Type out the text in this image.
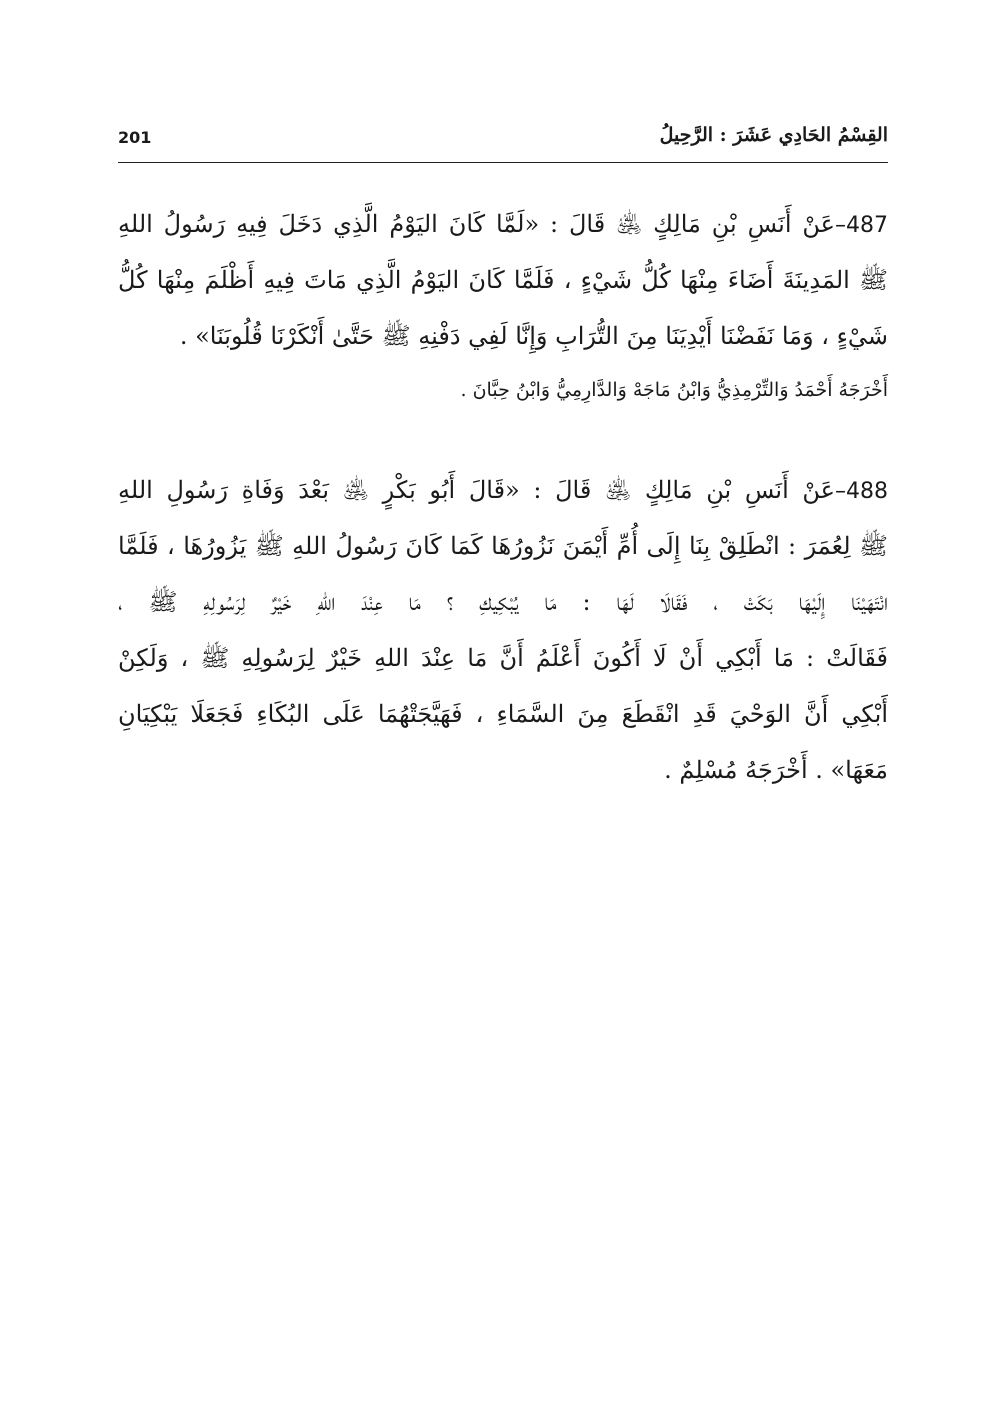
201	القِسْمُ الحَادِي عَشَرَ : الرَّحِيلُ
487–عَنْ أَنَسِ بْنِ مَالِكٍ ﵁ قَالَ : «لَمَّا كَانَ اليَوْمُ الَّذِي دَخَلَ فِيهِ رَسُولُ اللهِ
ﷺ المَدِينَةَ أَضَاءَ مِنْهَا كُلُّ شَيْءٍ ، فَلَمَّا كَانَ اليَوْمُ الَّذِي مَاتَ فِيهِ أَظْلَمَ مِنْهَا كُلُّ
شَيْءٍ ، وَمَا نَفَضْنَا أَيْدِيَنَا مِنَ التُّرَابِ وَإِنَّا لَفِي دَفْنِهِ ﷺ حَتَّىٰ أَنْكَرْنَا قُلُوبَنَا» .
أَخْرَجَهُ أَحْمَدُ وَالتِّرْمِذِيُّ وَابْنُ مَاجَهْ وَالدَّارِمِيُّ وَابْنُ حِبَّانَ .
488–عَنْ أَنَسِ بْنِ مَالِكٍ ﵁ قَالَ : «قَالَ أَبُو بَكْرٍ ﵁ بَعْدَ وَفَاةِ رَسُولِ اللهِ
ﷺ لِعُمَرَ : انْطَلِقْ بِنَا إِلَى أُمِّ أَيْمَنَ نَزُورُهَا كَمَا كَانَ رَسُولُ اللهِ ﷺ يَزُورُهَا ، فَلَمَّا
انْتَهَيْنَا إِلَيْهَا بَكَتْ ، فَقَالَا لَهَا : مَا يُبْكِيكِ ؟ مَا عِنْدَ اللهِ خَيْرٌ لِرَسُولِهِ ﷺ ،
فَقَالَتْ : مَا أَبْكِي أَنْ لَا أَكُونَ أَعْلَمُ أَنَّ مَا عِنْدَ اللهِ خَيْرٌ لِرَسُولِهِ ﷺ ، وَلَكِنْ
أَبْكِي أَنَّ الوَحْيَ قَدِ انْقَطَعَ مِنَ السَّمَاءِ ، فَهَيَّجَتْهُمَا عَلَى البُكَاءِ فَجَعَلَا يَبْكِيَانِ
مَعَهَا» . أَخْرَجَهُ مُسْلِمٌ .
